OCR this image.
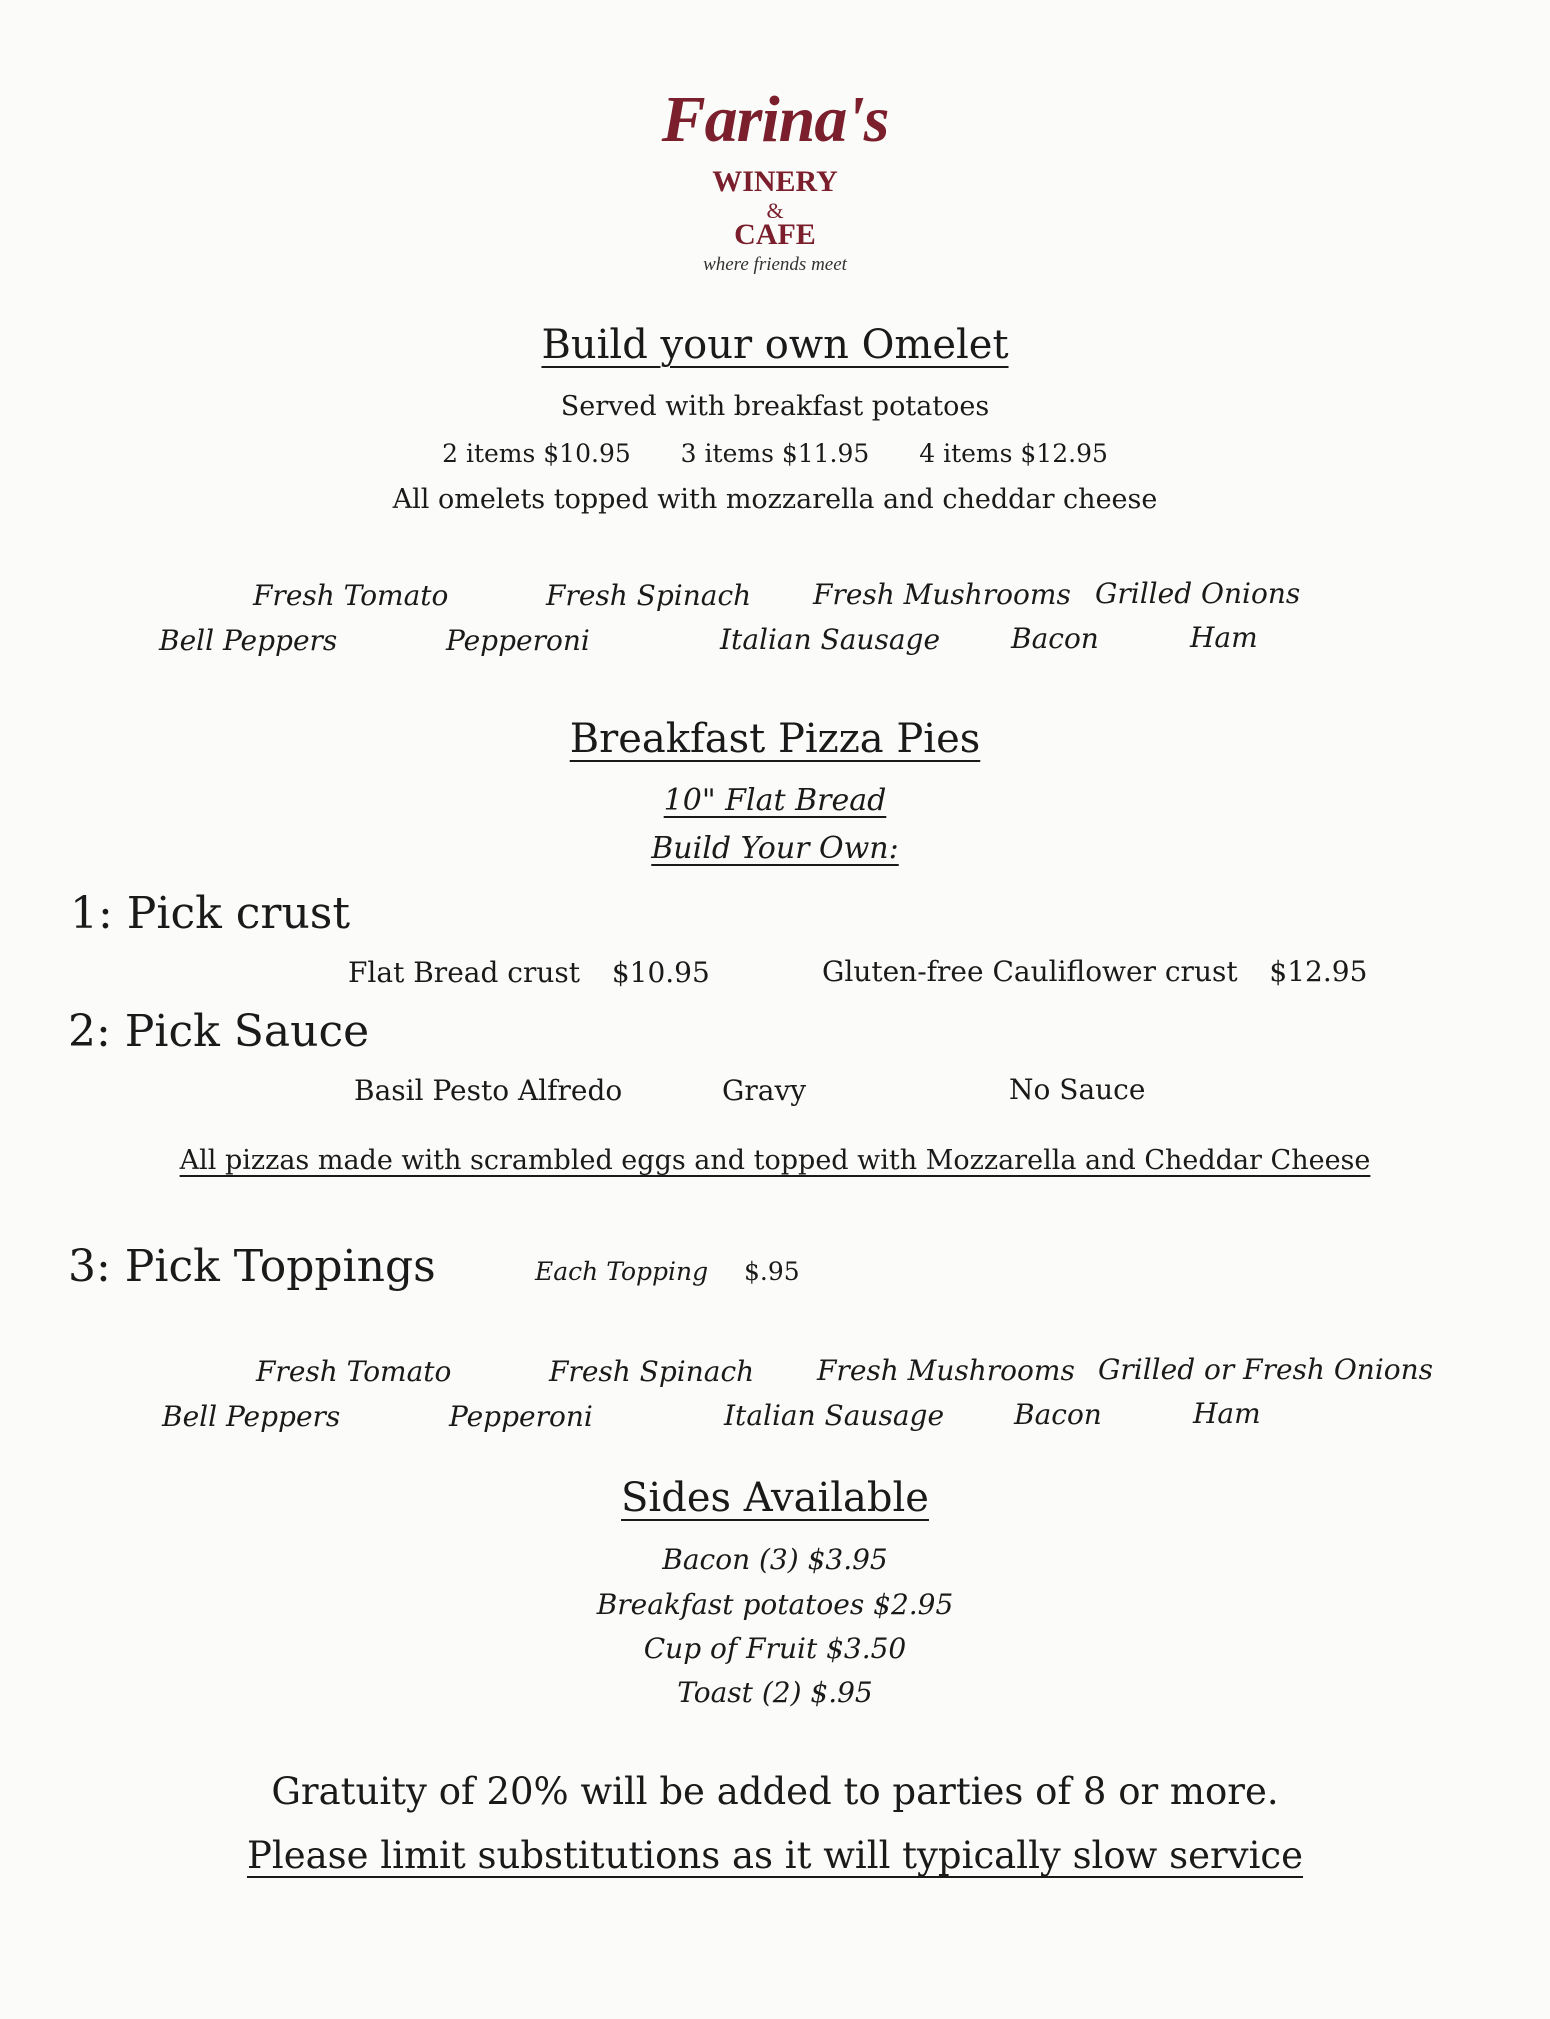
Farina's
WINERY
&
CAFE
where friends meet
Build your own Omelet
Served with breakfast potatoes
2 items $10.95 3 items $11.95 4 items $12.95
All omelets topped with mozzarella and cheddar cheese
Fresh Tomato	Fresh Spinach Fresh Mushrooms Grilled Onions
Bell Peppers	Pepperoni	Italian Sausage	Bacon	Ham
Breakfast Pizza Pies
10" Flat Bread
Build Your Own:
1: Pick crust
Flat Bread crust $10.95	Gluten-free Cauliflower crust $12.95
2: Pick Sauce
Basil Pesto Alfredo	Gravy	No Sauce
All pizzas made with scrambled eggs and topped with Mozzarella and Cheddar Cheese
3: Pick Toppings	Each Topping $.95
Fresh Tomato	Fresh Spinach Fresh Mushrooms Grilled or Fresh Onions
Bell Peppers	Pepperoni	Italian Sausage Bacon	Ham
Sides Available
Bacon (3) $3.95
Breakfast potatoes $2.95
Cup of Fruit $3.50
Toast (2) $.95
Gratuity of 20% will be added to parties of 8 or more.
Please limit substitutions as it will typically slow service
